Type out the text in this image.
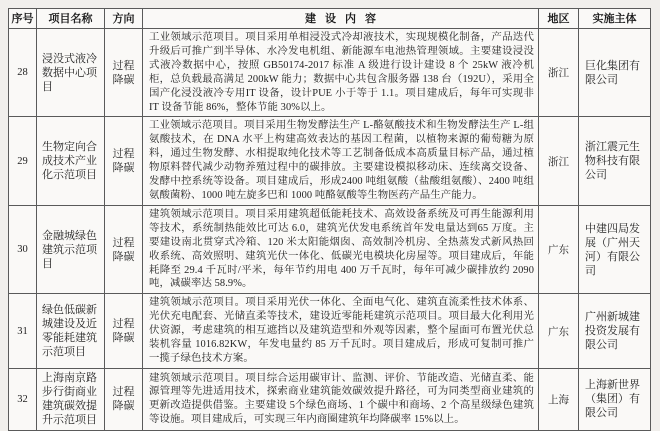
序号	项目名称	方向	建设内容	地区	实施主体
28	浸没式液冷数据中心项目	过程降碳	工业领域示范项目。项目采用单相浸没式冷却液技术，实现规模化制备，产品迭代升级后可推广到半导体、水冷发电机组、新能源车电池热管理领域。主要建设浸没式液冷数据中心，按照 GB50174-2017 标准 A 级进行设计建设 8 个 25kW 液冷机柜，总负载最高满足 200kW 能力；数据中心共包含服务器 138 台（192U），采用全国产化浸没液冷专用IT 设备，设计PUE 小于等于 1.1。项目建成后，每年可实现非IT 设备节能 86%，整体节能 30%以上。	浙江	巨化集团有限公司
29	生物定向合成技术产业化示范项目	过程降碳	工业领域示范项目。项目采用生物发酵法生产 L-酪氨酸技术和生物发酵法生产 L-组氨酸技术，在 DNA 水平上构建高效表达的基因工程菌，以植物来源的葡萄糖为原料，通过生物发酵、水相提取纯化技术等工艺制备低成本高质量目标产品，通过植物原料替代减少动物养殖过程中的碳排放。主要建设模拟移动床、连续离交设备、发酵中控系统等设备。项目建成后，形成2400 吨组氨酸（盐酸组氨酸）、2400 吨组氨酸菌粉、1000 吨左旋多巴和 1000 吨酪氨酸等生物医药产品生产能力。	浙江	浙江震元生物科技有限公司
30	金融城绿色建筑示范项目	过程降碳	建筑领域示范项目。项目采用建筑超低能耗技术、高效设备系统及可再生能源利用等技术，系统制热能效比可达 6.0，建筑光伏发电系统首年发电量达到65 万度。主要建设南北贯穿式冷箱、120 米太阳能烟囱、高效制冷机房、全热蒸发式新风热回收系统、高效照明、建筑光伏一体化、低碳光电模块化房屋等。项目建成后，年能耗降至 29.4 千瓦时/平米，每年节约用电 400 万千瓦时，每年可减少碳排放约 2090 吨，减碳率达 58.9%。	广东	中建四局发展（广州天河）有限公司
31	绿色低碳新城建设及近零能耗建筑示范项目	过程降碳	建筑领域示范项目。项目采用光伏一体化、全面电气化、建筑直流柔性技术体系、光伏充电配套、光储直柔等技术，建设近零能耗建筑示范项目。项目最大化利用光伏资源，考虑建筑的相互遮挡以及建筑造型和外观等因素，整个屋面可布置光伏总装机容量 1016.82KW，年发电量约 85 万千瓦时。项目建成后，形成可复制可推广一揽子绿色技术方案。	广东	广州新城建投资发展有限公司
32	上海南京路步行街商业建筑碳效提升示范项目	过程降碳	建筑领域示范项目。项目综合运用碳审计、监测、评价、节能改造、光储直柔、能源管理等先进适用技术，探索商业建筑能效碳效提升路径，可为同类型商业建筑的更新改造提供借鉴。主要建设 5个绿色商场、1 个碳中和商场、2 个高星级绿色建筑等设施。项目建成后，可实现三年内商圈建筑年均降碳率 15%以上。	上海	上海新世界（集团）有限公司
